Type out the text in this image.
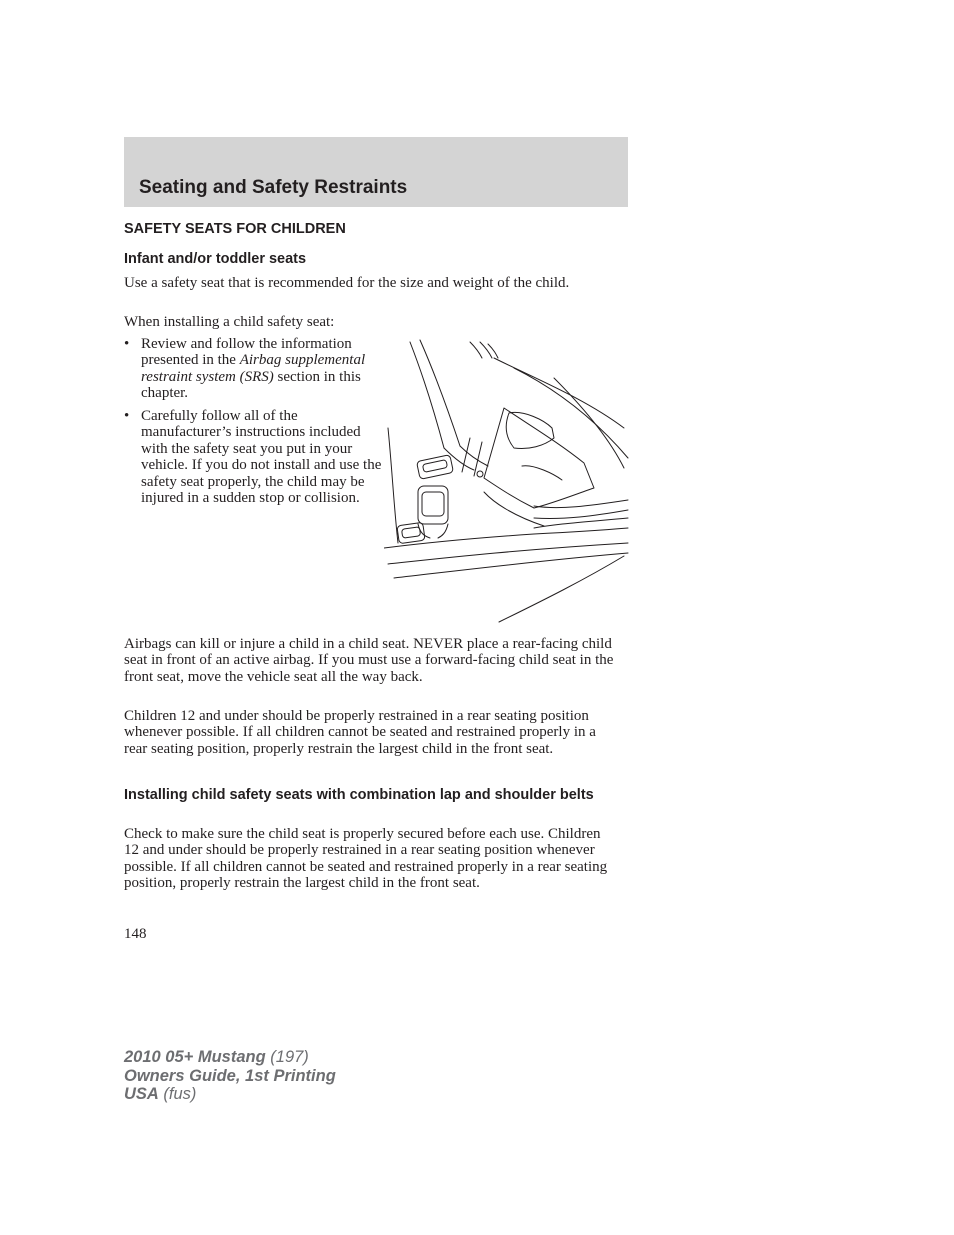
Seating and Safety Restraints
SAFETY SEATS FOR CHILDREN
Infant and/or toddler seats

Use a safety seat that is recommended for the size and weight of the child.

When installing a child safety seat:

• Review and follow the information presented in the Airbag supplemental restraint system (SRS) section in this chapter.
• Carefully follow all of the manufacturer’s instructions included with the safety seat you put in your vehicle. If you do not install and use the safety seat properly, the child may be injured in a sudden stop or collision.

Airbags can kill or injure a child in a child seat. NEVER place a rear-facing child seat in front of an active airbag. If you must use a forward-facing child seat in the front seat, move the vehicle seat all the way back.

Children 12 and under should be properly restrained in a rear seating position whenever possible. If all children cannot be seated and restrained properly in a rear seating position, properly restrain the largest child in the front seat.

Installing child safety seats with combination lap and shoulder belts

Check to make sure the child seat is properly secured before each use. Children 12 and under should be properly restrained in a rear seating position whenever possible. If all children cannot be seated and restrained properly in a rear seating position, properly restrain the largest child in the front seat.

148
2010 05+ Mustang (197)
Owners Guide, 1st Printing
USA (fus)
